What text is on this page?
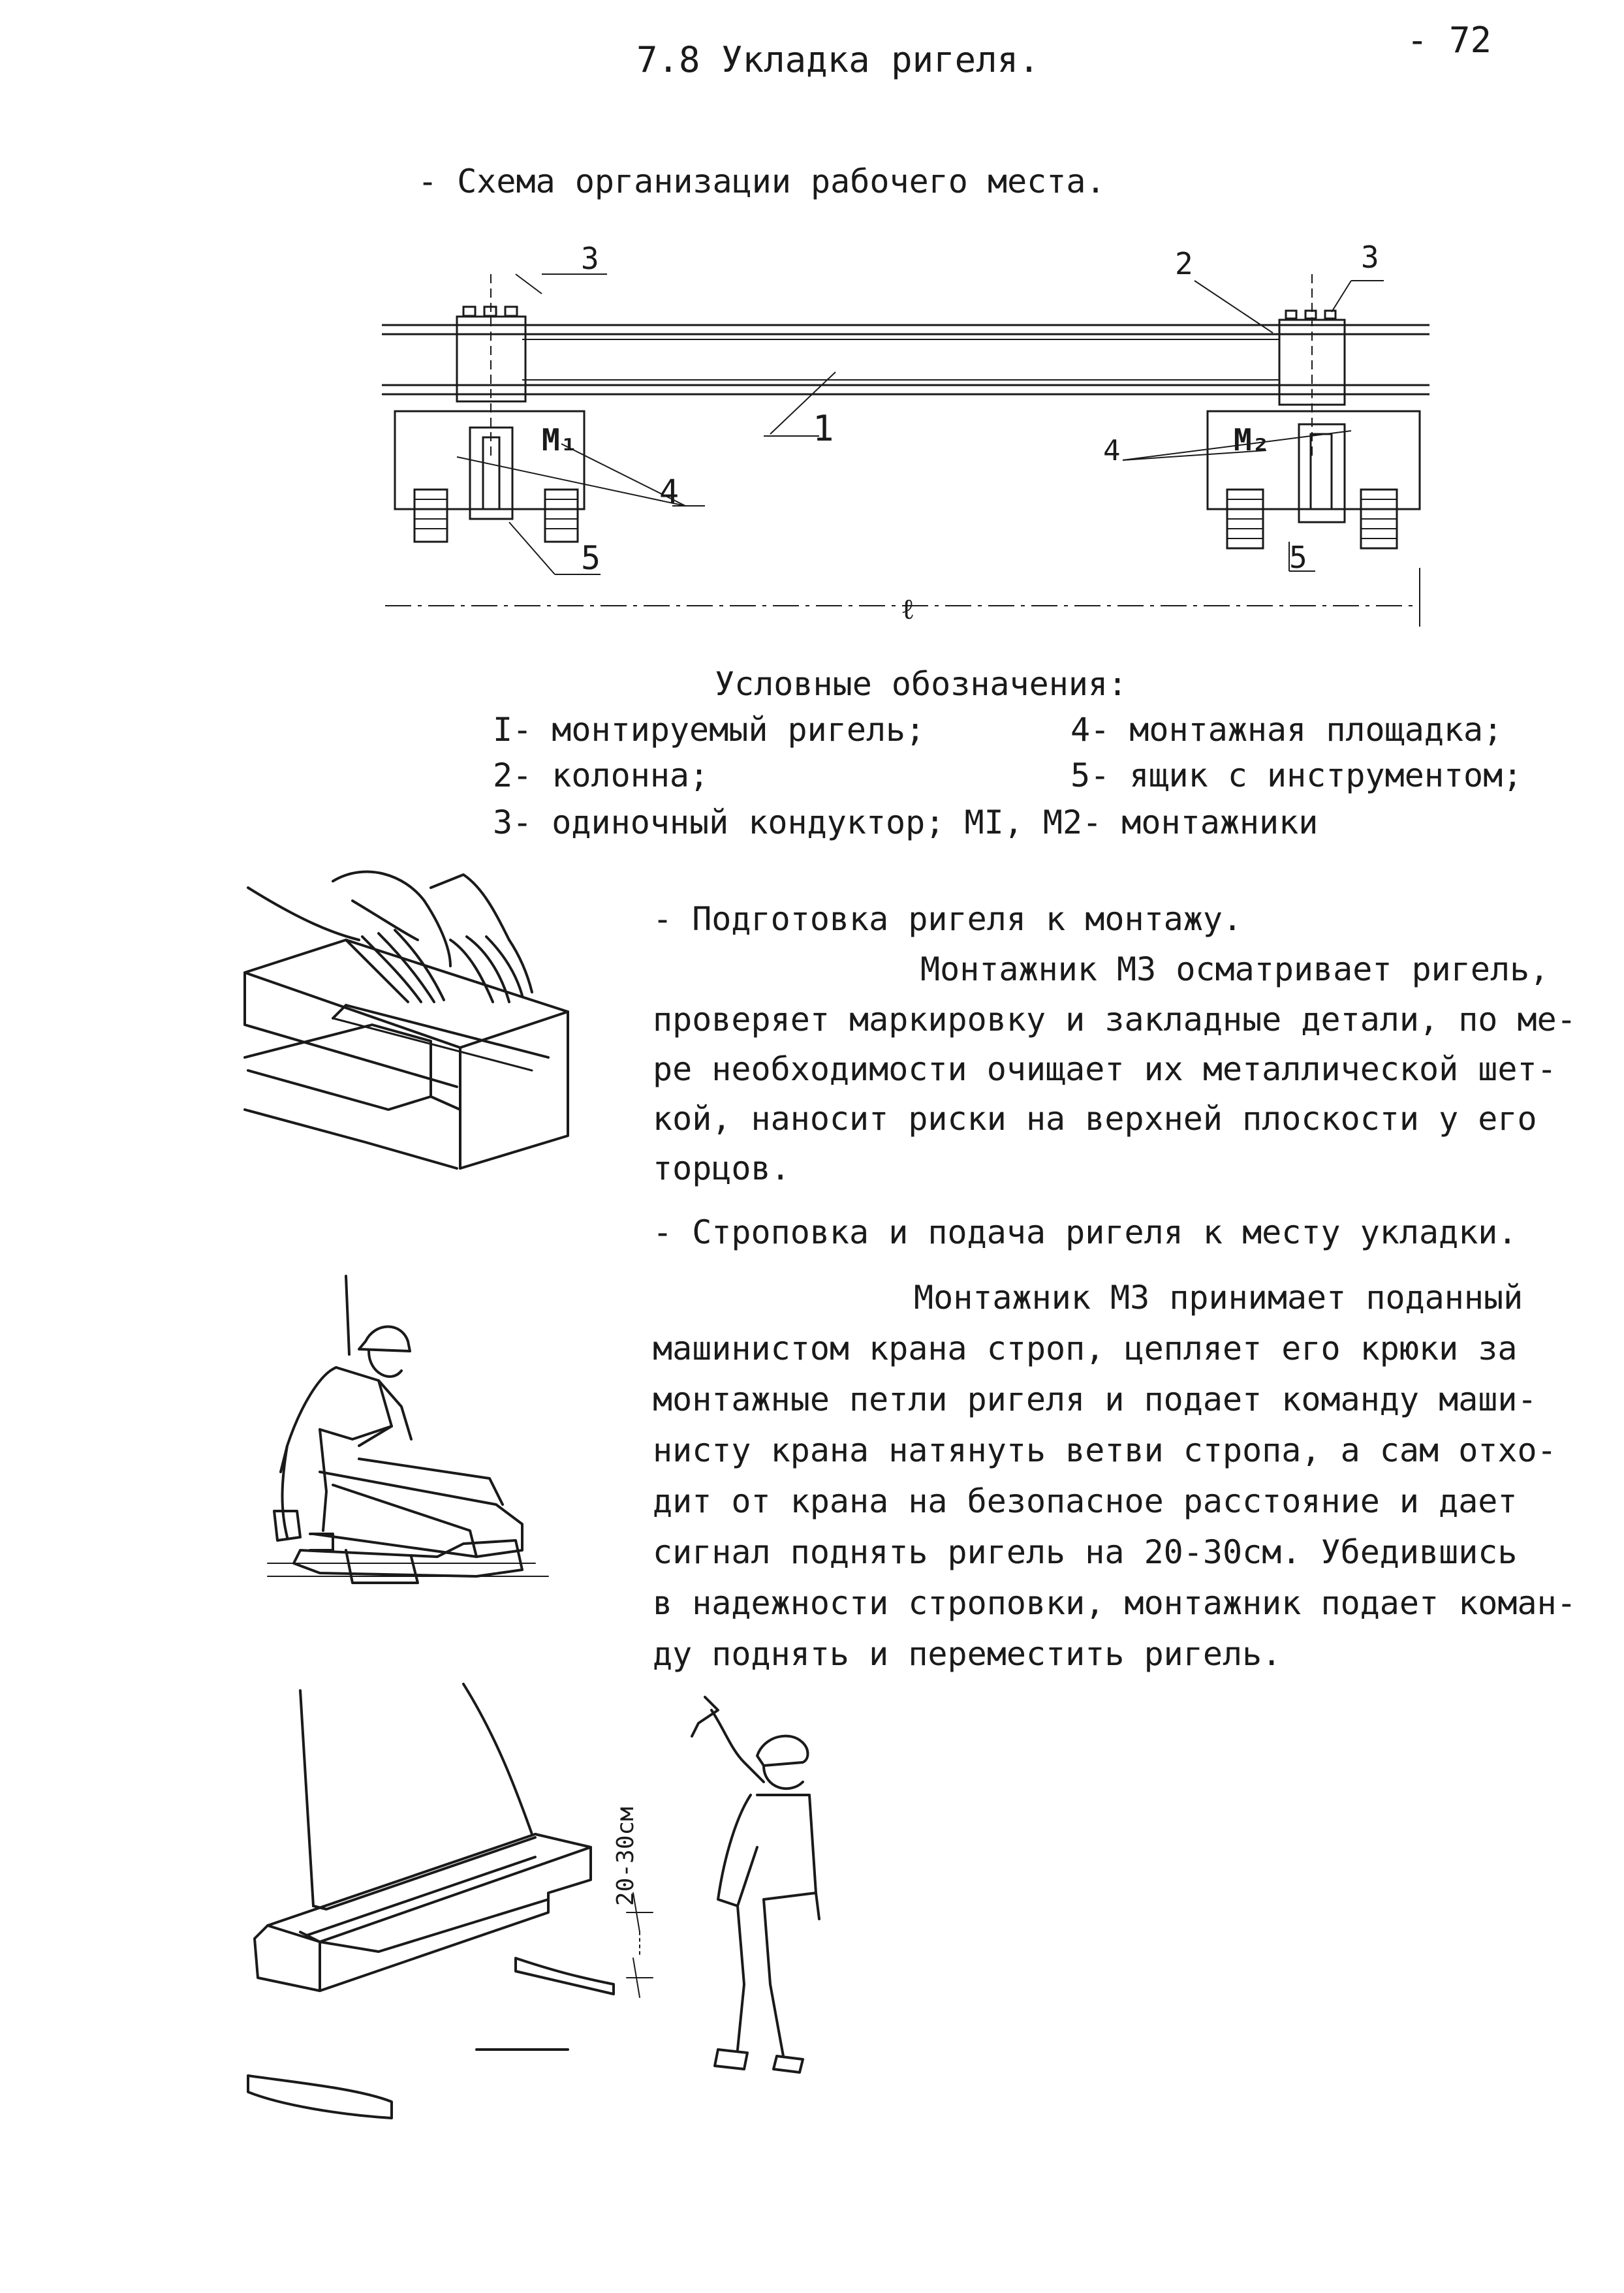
7.8 Укладка ригеля.	- 72
- Схема организации рабочего места.
1
2
3	3
4
4
5	5
M₁	M₂
ℓ
Условные обозначения:
I- монтируемый ригель;
2- колонна;
3- одиночный кондуктор; MI, M2- монтажники
4- монтажная площадка;
5- ящик с инструментом;
- Подготовка ригеля к монтажу.
Монтажник МЗ осматривает ригель,
проверяет маркировку и закладные детали, по ме-
ре необходимости очищает их металлической шет-
кой, наносит риски на верхней плоскости у его
торцов.
- Строповка и подача ригеля к месту укладки.
Монтажник МЗ принимает поданный
машинистом крана строп, цепляет его крюки за
монтажные петли ригеля и подает команду маши-
нисту крана натянуть ветви стропа, а сам отхо-
дит от крана на безопасное расстояние и дает
сигнал поднять ригель на 20-30см. Убедившись
в надежности строповки, монтажник подает коман-
ду поднять и переместить ригель.
20-30см
